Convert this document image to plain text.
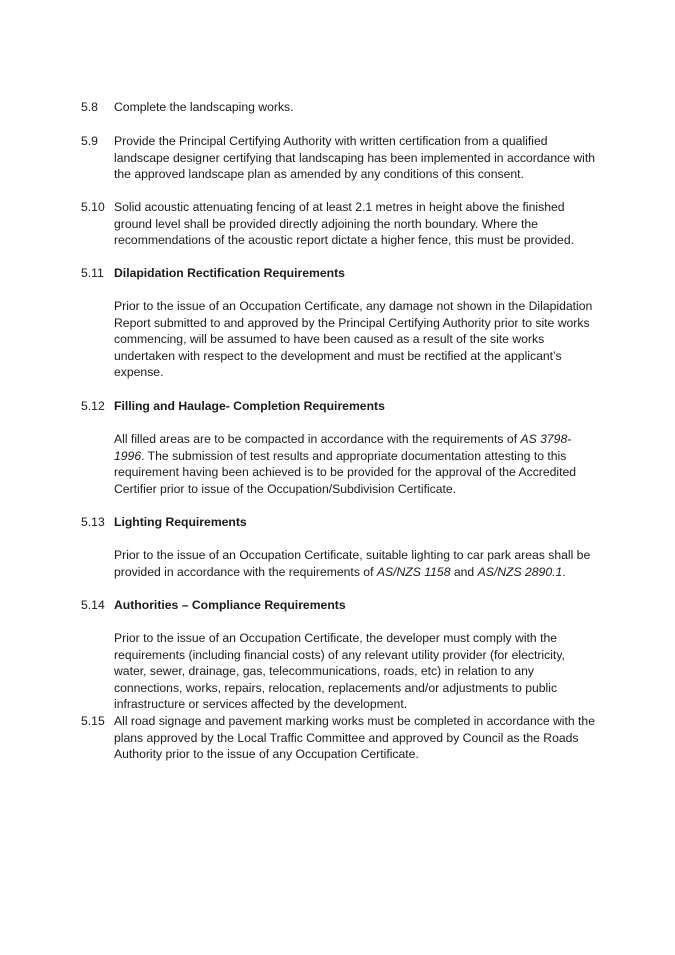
5.8	Complete the landscaping works.
5.9	Provide the Principal Certifying Authority with written certification from a qualified landscape designer certifying that landscaping has been implemented in accordance with the approved landscape plan as amended by any conditions of this consent.
5.10 Solid acoustic attenuating fencing of at least 2.1 metres in height above the finished ground level shall be provided directly adjoining the north boundary. Where the recommendations of the acoustic report dictate a higher fence, this must be provided.
5.11 Dilapidation Rectification Requirements
Prior to the issue of an Occupation Certificate, any damage not shown in the Dilapidation Report submitted to and approved by the Principal Certifying Authority prior to site works commencing, will be assumed to have been caused as a result of the site works undertaken with respect to the development and must be rectified at the applicant’s expense.
5.12 Filling and Haulage- Completion Requirements
All filled areas are to be compacted in accordance with the requirements of AS 3798-1996. The submission of test results and appropriate documentation attesting to this requirement having been achieved is to be provided for the approval of the Accredited Certifier prior to issue of the Occupation/Subdivision Certificate.
5.13 Lighting Requirements
Prior to the issue of an Occupation Certificate, suitable lighting to car park areas shall be provided in accordance with the requirements of AS/NZS 1158 and AS/NZS 2890.1.
5.14 Authorities – Compliance Requirements
Prior to the issue of an Occupation Certificate, the developer must comply with the requirements (including financial costs) of any relevant utility provider (for electricity, water, sewer, drainage, gas, telecommunications, roads, etc) in relation to any connections, works, repairs, relocation, replacements and/or adjustments to public infrastructure or services affected by the development.
5.15 All road signage and pavement marking works must be completed in accordance with the plans approved by the Local Traffic Committee and approved by Council as the Roads Authority prior to the issue of any Occupation Certificate.
